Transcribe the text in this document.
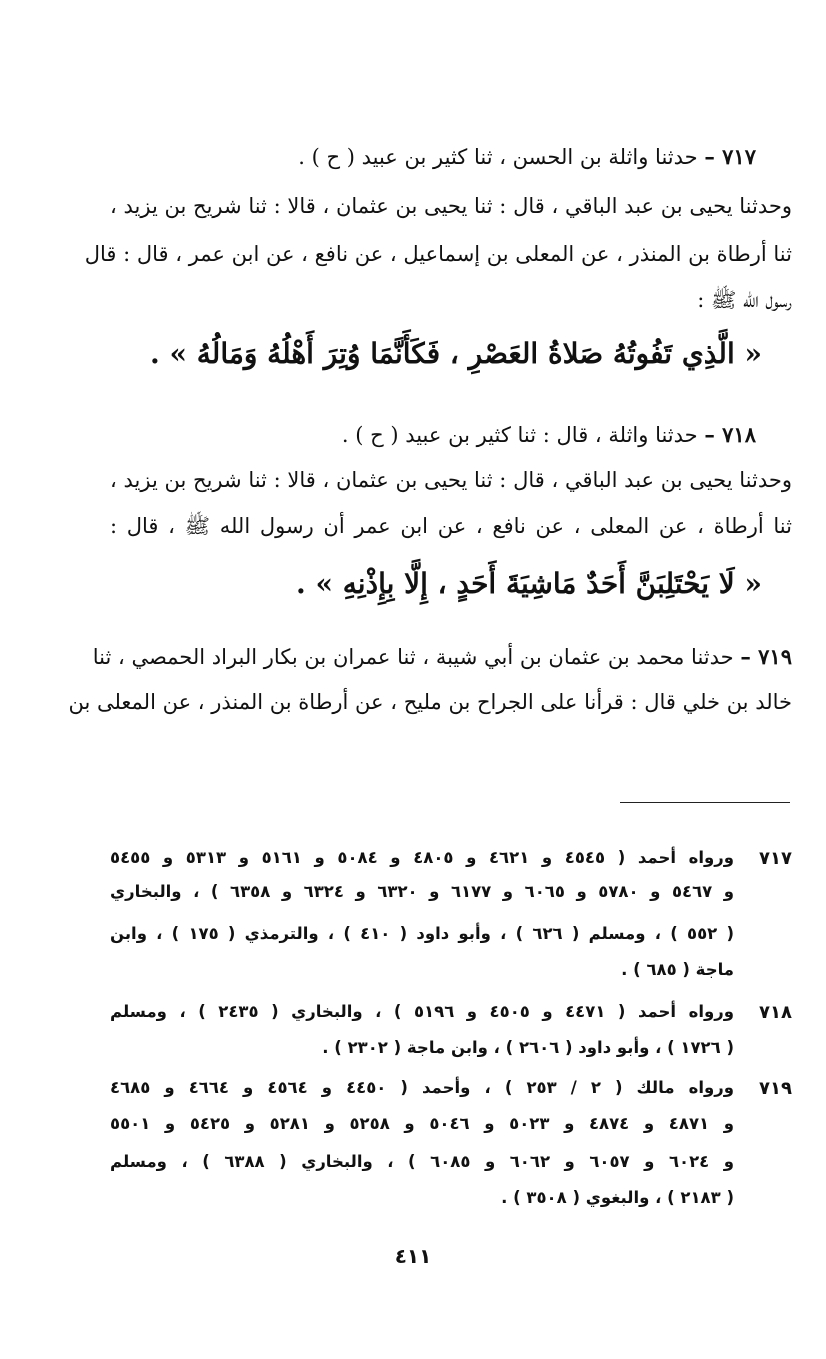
٧١٧ – حدثنا واثلة بن الحسن ، ثنا كثير بن عبيد ( ح ) .
وحدثنا يحيى بن عبد الباقي ، قال : ثنا يحيى بن عثمان ، قالا : ثنا شريح بن يزيد ،
ثنا أرطاة بن المنذر ، عن المعلى بن إسماعيل ، عن نافع ، عن ابن عمر ، قال : قال
رسول الله ﷺ :
« الَّذِي تَفُوتُهُ صَلاةُ العَصْرِ ، فَكَأَنَّمَا وُتِرَ أَهْلُهُ وَمَالُهُ » .
٧١٨ – حدثنا واثلة ، قال : ثنا كثير بن عبيد ( ح ) .
وحدثنا يحيى بن عبد الباقي ، قال : ثنا يحيى بن عثمان ، قالا : ثنا شريح بن يزيد ،
ثنا أرطاة ، عن المعلى ، عن نافع ، عن ابن عمر أن رسول الله ﷺ ، قال :
« لَا يَحْتَلِبَنَّ أَحَدٌ مَاشِيَةَ أَحَدٍ ، إِلَّا بِإِذْنِهِ » .
٧١٩ – حدثنا محمد بن عثمان بن أبي شيبة ، ثنا عمران بن بكار البراد الحمصي ، ثنا
خالد بن خلي قال : قرأنا على الجراح بن مليح ، عن أرطاة بن المنذر ، عن المعلى بن
٧١٧
ورواه أحمد ( ٤٥٤٥ و ٤٦٢١ و ٤٨٠٥ و ٥٠٨٤ و ٥١٦١ و ٥٣١٣ و ٥٤٥٥
و ٥٤٦٧ و ٥٧٨٠ و ٦٠٦٥ و ٦١٧٧ و ٦٣٢٠ و ٦٣٢٤ و ٦٣٥٨ ) ، والبخاري
( ٥٥٢ ) ، ومسلم ( ٦٢٦ ) ، وأبو داود ( ٤١٠ ) ، والترمذي ( ١٧٥ ) ، وابن
ماجة ( ٦٨٥ ) .
٧١٨
ورواه أحمد ( ٤٤٧١ و ٤٥٠٥ و ٥١٩٦ ) ، والبخاري ( ٢٤٣٥ ) ، ومسلم
( ١٧٢٦ ) ، وأبو داود ( ٢٦٠٦ ) ، وابن ماجة ( ٢٣٠٢ ) .
٧١٩
ورواه مالك ( ٢ / ٢٥٣ ) ، وأحمد ( ٤٤٥٠ و ٤٥٦٤ و ٤٦٦٤ و ٤٦٨٥
و ٤٨٧١ و ٤٨٧٤ و ٥٠٢٣ و ٥٠٤٦ و ٥٢٥٨ و ٥٢٨١ و ٥٤٢٥ و ٥٥٠١
و ٦٠٢٤ و ٦٠٥٧ و ٦٠٦٢ و ٦٠٨٥ ) ، والبخاري ( ٦٣٨٨ ) ، ومسلم
( ٢١٨٣ ) ، والبغوي ( ٣٥٠٨ ) .
٤١١
